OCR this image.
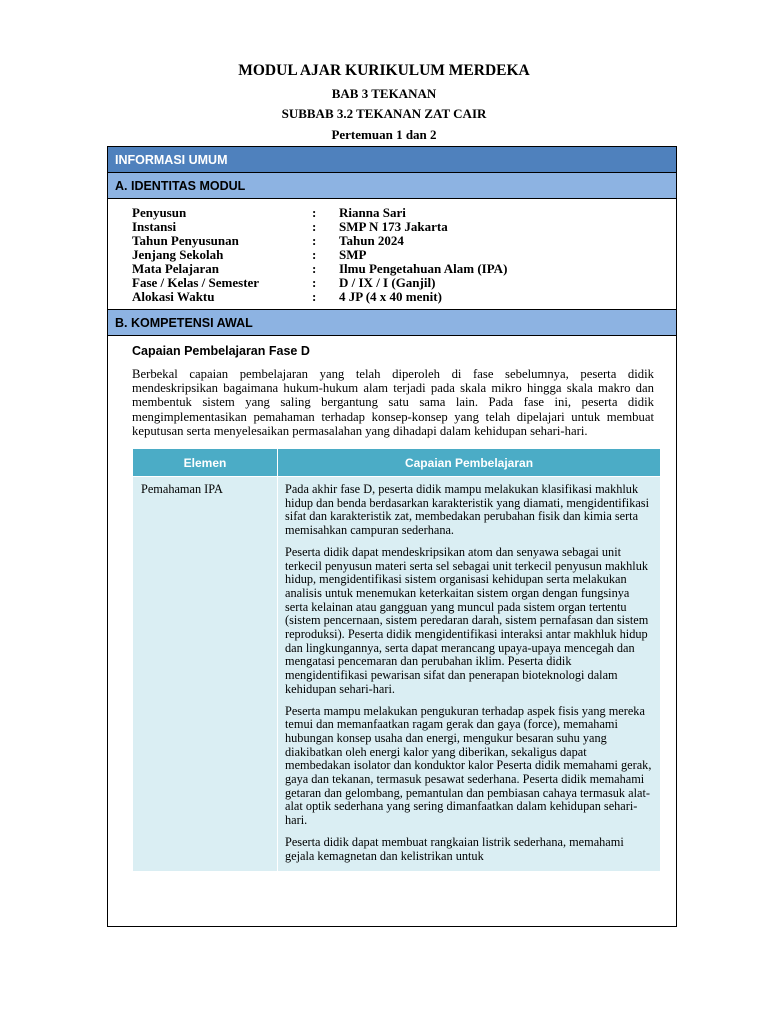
MODUL AJAR KURIKULUM MERDEKA
BAB 3 TEKANAN
SUBBAB 3.2 TEKANAN ZAT CAIR
Pertemuan 1 dan 2
INFORMASI UMUM
A. IDENTITAS MODUL
Penyusun	:	Rianna Sari
Instansi	:	SMP N 173 Jakarta
Tahun Penyusunan	:	Tahun 2024
Jenjang Sekolah	:	SMP
Mata Pelajaran	:	Ilmu Pengetahuan Alam (IPA)
Fase / Kelas / Semester	:	D / IX / I (Ganjil)
Alokasi Waktu	:	4 JP (4 x 40 menit)
B. KOMPETENSI AWAL
Capaian Pembelajaran Fase D
Berbekal capaian pembelajaran yang telah diperoleh di fase sebelumnya, peserta didik mendeskripsikan bagaimana hukum-hukum alam terjadi pada skala mikro hingga skala makro dan membentuk sistem yang saling bergantung satu sama lain. Pada fase ini, peserta didik mengimplementasikan pemahaman terhadap konsep-konsep yang telah dipelajari untuk membuat keputusan serta menyelesaikan permasalahan yang dihadapi dalam kehidupan sehari-hari.
Elemen	Capaian Pembelajaran
Pemahaman IPA	Pada akhir fase D, peserta didik mampu melakukan klasifikasi makhluk hidup dan benda berdasarkan karakteristik yang diamati, mengidentifikasi sifat dan karakteristik zat, membedakan perubahan fisik dan kimia serta memisahkan campuran sederhana.

Peserta didik dapat mendeskripsikan atom dan senyawa sebagai unit terkecil penyusun materi serta sel sebagai unit terkecil penyusun makhluk hidup, mengidentifikasi sistem organisasi kehidupan serta melakukan analisis untuk menemukan keterkaitan sistem organ dengan fungsinya serta kelainan atau gangguan yang muncul pada sistem organ tertentu (sistem pencernaan, sistem peredaran darah, sistem pernafasan dan sistem reproduksi). Peserta didik mengidentifikasi interaksi antar makhluk hidup dan lingkungannya, serta dapat merancang upaya-upaya mencegah dan mengatasi pencemaran dan perubahan iklim. Peserta didik mengidentifikasi pewarisan sifat dan penerapan bioteknologi dalam kehidupan sehari-hari.

Peserta mampu melakukan pengukuran terhadap aspek fisis yang mereka temui dan memanfaatkan ragam gerak dan gaya (force), memahami hubungan konsep usaha dan energi, mengukur besaran suhu yang diakibatkan oleh energi kalor yang diberikan, sekaligus dapat membedakan isolator dan konduktor kalor Peserta didik memahami gerak, gaya dan tekanan, termasuk pesawat sederhana. Peserta didik memahami getaran dan gelombang, pemantulan dan pembiasan cahaya termasuk alat- alat optik sederhana yang sering dimanfaatkan dalam kehidupan sehari-hari.

Peserta didik dapat membuat rangkaian listrik sederhana, memahami gejala kemagnetan dan kelistrikan untuk
